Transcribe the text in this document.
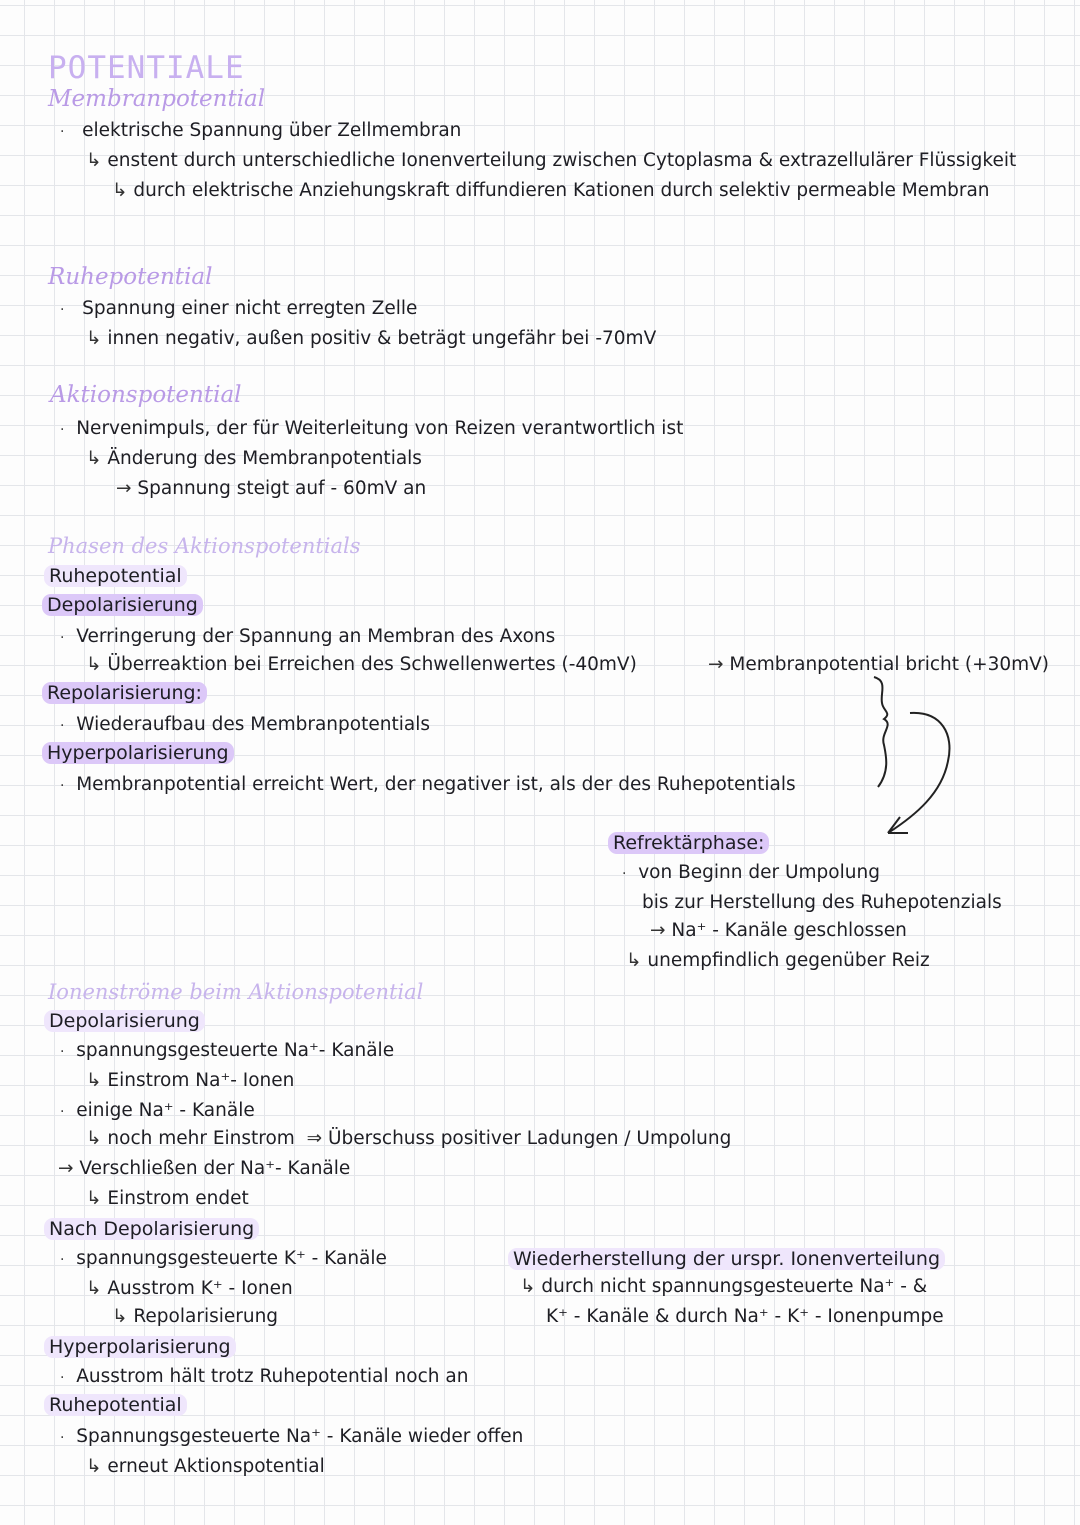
POTENTIALE
Membranpotential
· elektrische Spannung über Zellmembran
↳ enstent durch unterschiedliche Ionenverteilung zwischen Cytoplasma & extrazellulärer Flüssigkeit
↳ durch elektrische Anziehungskraft diffundieren Kationen durch selektiv permeable Membran
Ruhepotential
· Spannung einer nicht erregten Zelle
↳ innen negativ, außen positiv & beträgt ungefähr bei -70mV
Aktionspotential
· Nervenimpuls, der für Weiterleitung von Reizen verantwortlich ist
↳ Änderung des Membranpotentials
→ Spannung steigt auf - 60mV an
Phasen des Aktionspotentials
Ruhepotential
Depolarisierung
· Verringerung der Spannung an Membran des Axons
↳ Überreaktion bei Erreichen des Schwellenwertes (-40mV)	→ Membranpotential bricht (+30mV)
Repolarisierung:
· Wiederaufbau des Membranpotentials
Hyperpolarisierung
· Membranpotential erreicht Wert, der negativer ist, als der des Ruhepotentials
Refrektärphase:
· von Beginn der Umpolung
bis zur Herstellung des Ruhepotenzials
→ Na⁺ - Kanäle geschlossen
↳ unempfindlich gegenüber Reiz
Ionenströme beim Aktionspotential
Depolarisierung
· spannungsgesteuerte Na⁺- Kanäle
↳ Einstrom Na⁺- Ionen
· einige Na⁺ - Kanäle
↳ noch mehr Einstrom  ⇒ Überschuss positiver Ladungen / Umpolung
→ Verschließen der Na⁺- Kanäle
↳ Einstrom endet
Nach Depolarisierung
· spannungsgesteuerte K⁺ - Kanäle
↳ Ausstrom K⁺ - Ionen
↳ Repolarisierung
Wiederherstellung der urspr. Ionenverteilung
↳ durch nicht spannungsgesteuerte Na⁺ - &
K⁺ - Kanäle & durch Na⁺ - K⁺ - Ionenpumpe
Hyperpolarisierung
· Ausstrom hält trotz Ruhepotential noch an
Ruhepotential
· Spannungsgesteuerte Na⁺ - Kanäle wieder offen
↳ erneut Aktionspotential
